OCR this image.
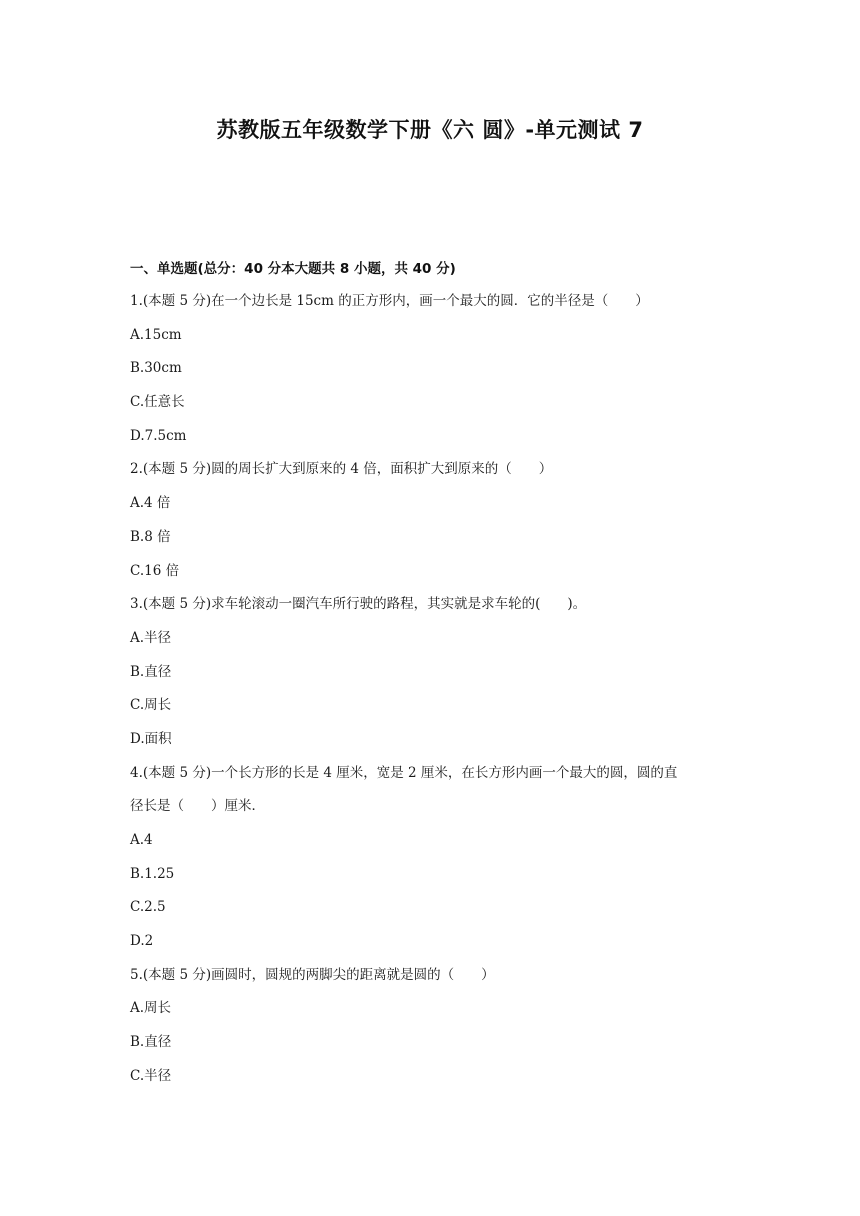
苏教版五年级数学下册《六 圆》-单元测试 7
一、单选题(总分：40 分本大题共 8 小题，共 40 分)
1.(本题 5 分)在一个边长是 15cm 的正方形内，画一个最大的圆．它的半径是（　　）
A.15cm
B.30cm
C.任意长
D.7.5cm
2.(本题 5 分)圆的周长扩大到原来的 4 倍，面积扩大到原来的（　　）
A.4 倍
B.8 倍
C.16 倍
3.(本题 5 分)求车轮滚动一圈汽车所行驶的路程，其实就是求车轮的(　　)。
A.半径
B.直径
C.周长
D.面积
4.(本题 5 分)一个长方形的长是 4 厘米，宽是 2 厘米，在长方形内画一个最大的圆，圆的直
径长是（　　）厘米．
A.4
B.1.25
C.2.5
D.2
5.(本题 5 分)画圆时，圆规的两脚尖的距离就是圆的（　　）
A.周长
B.直径
C.半径
